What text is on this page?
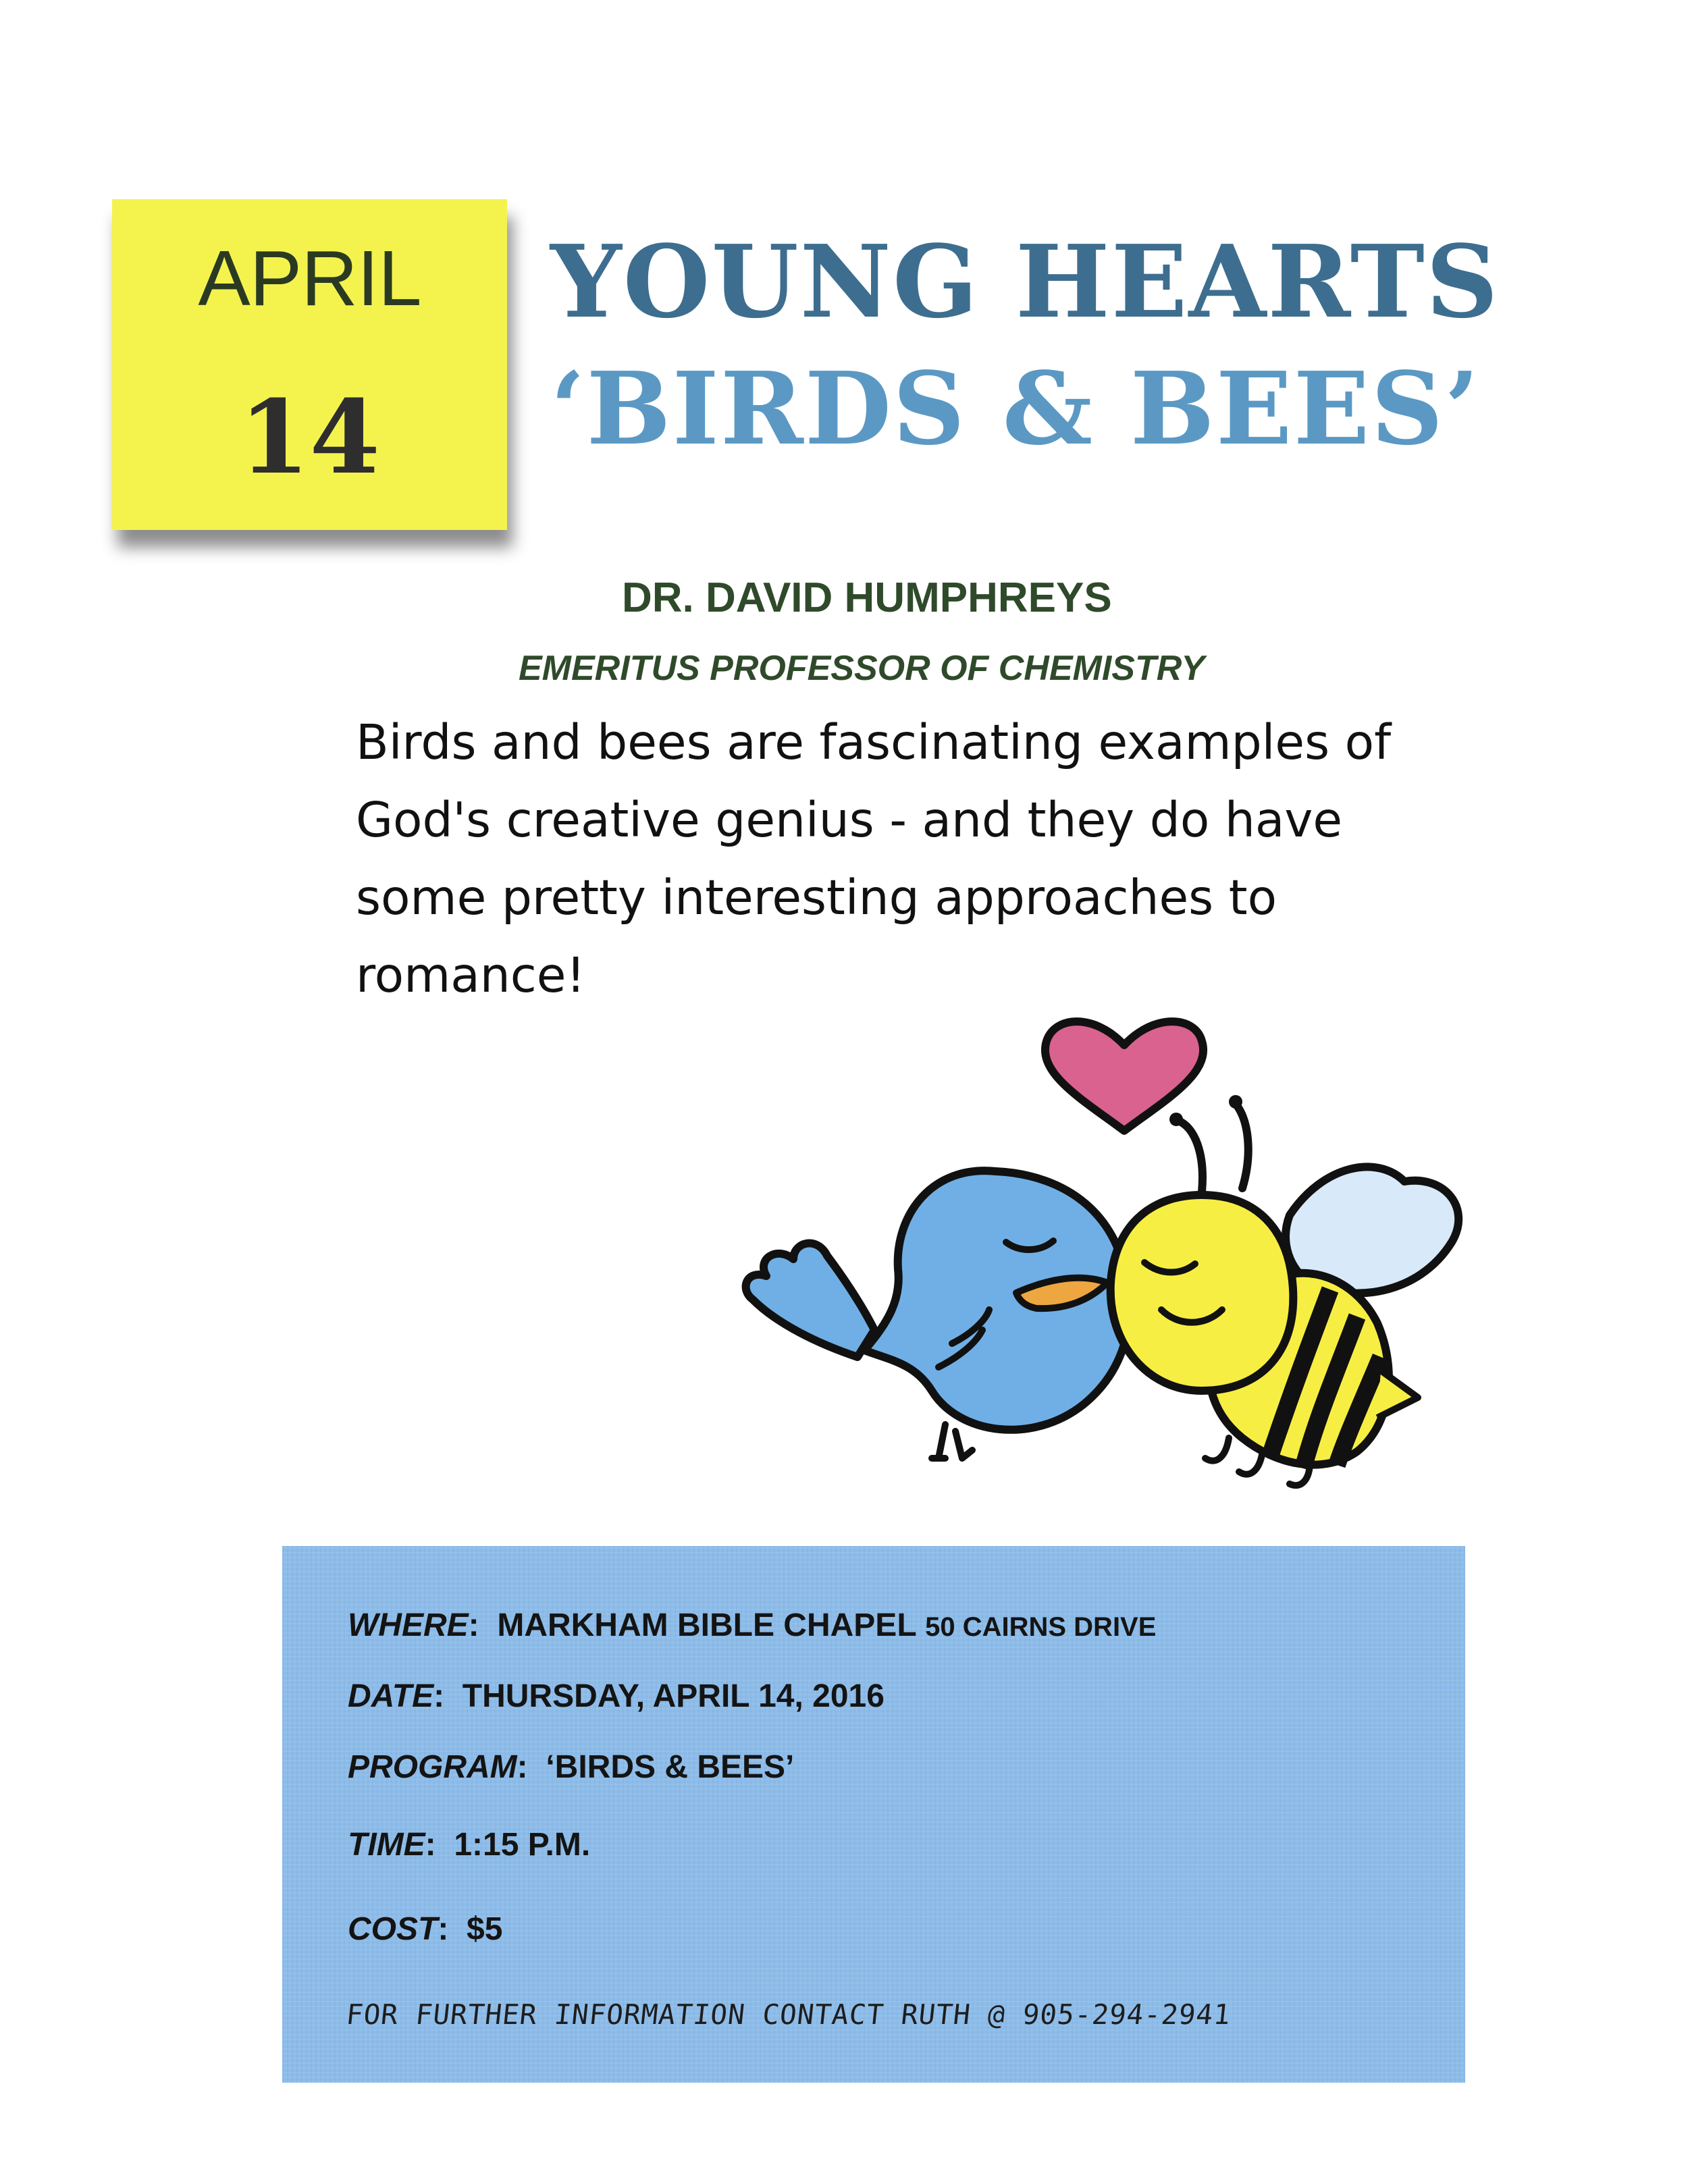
APRIL
14
YOUNG HEARTS
‘BIRDS & BEES’
DR. DAVID HUMPHREYS
EMERITUS PROFESSOR OF CHEMISTRY
Birds and bees are fascinating examples of
God's creative genius - and they do have
some pretty interesting approaches to
romance!
WHERE:  MARKHAM BIBLE CHAPEL 50 CAIRNS DRIVE
DATE:  THURSDAY, APRIL 14, 2016
PROGRAM:  ‘BIRDS & BEES’
TIME:  1:15 P.M.
COST:  $5
FOR FURTHER INFORMATION CONTACT RUTH @ 905-294-2941
